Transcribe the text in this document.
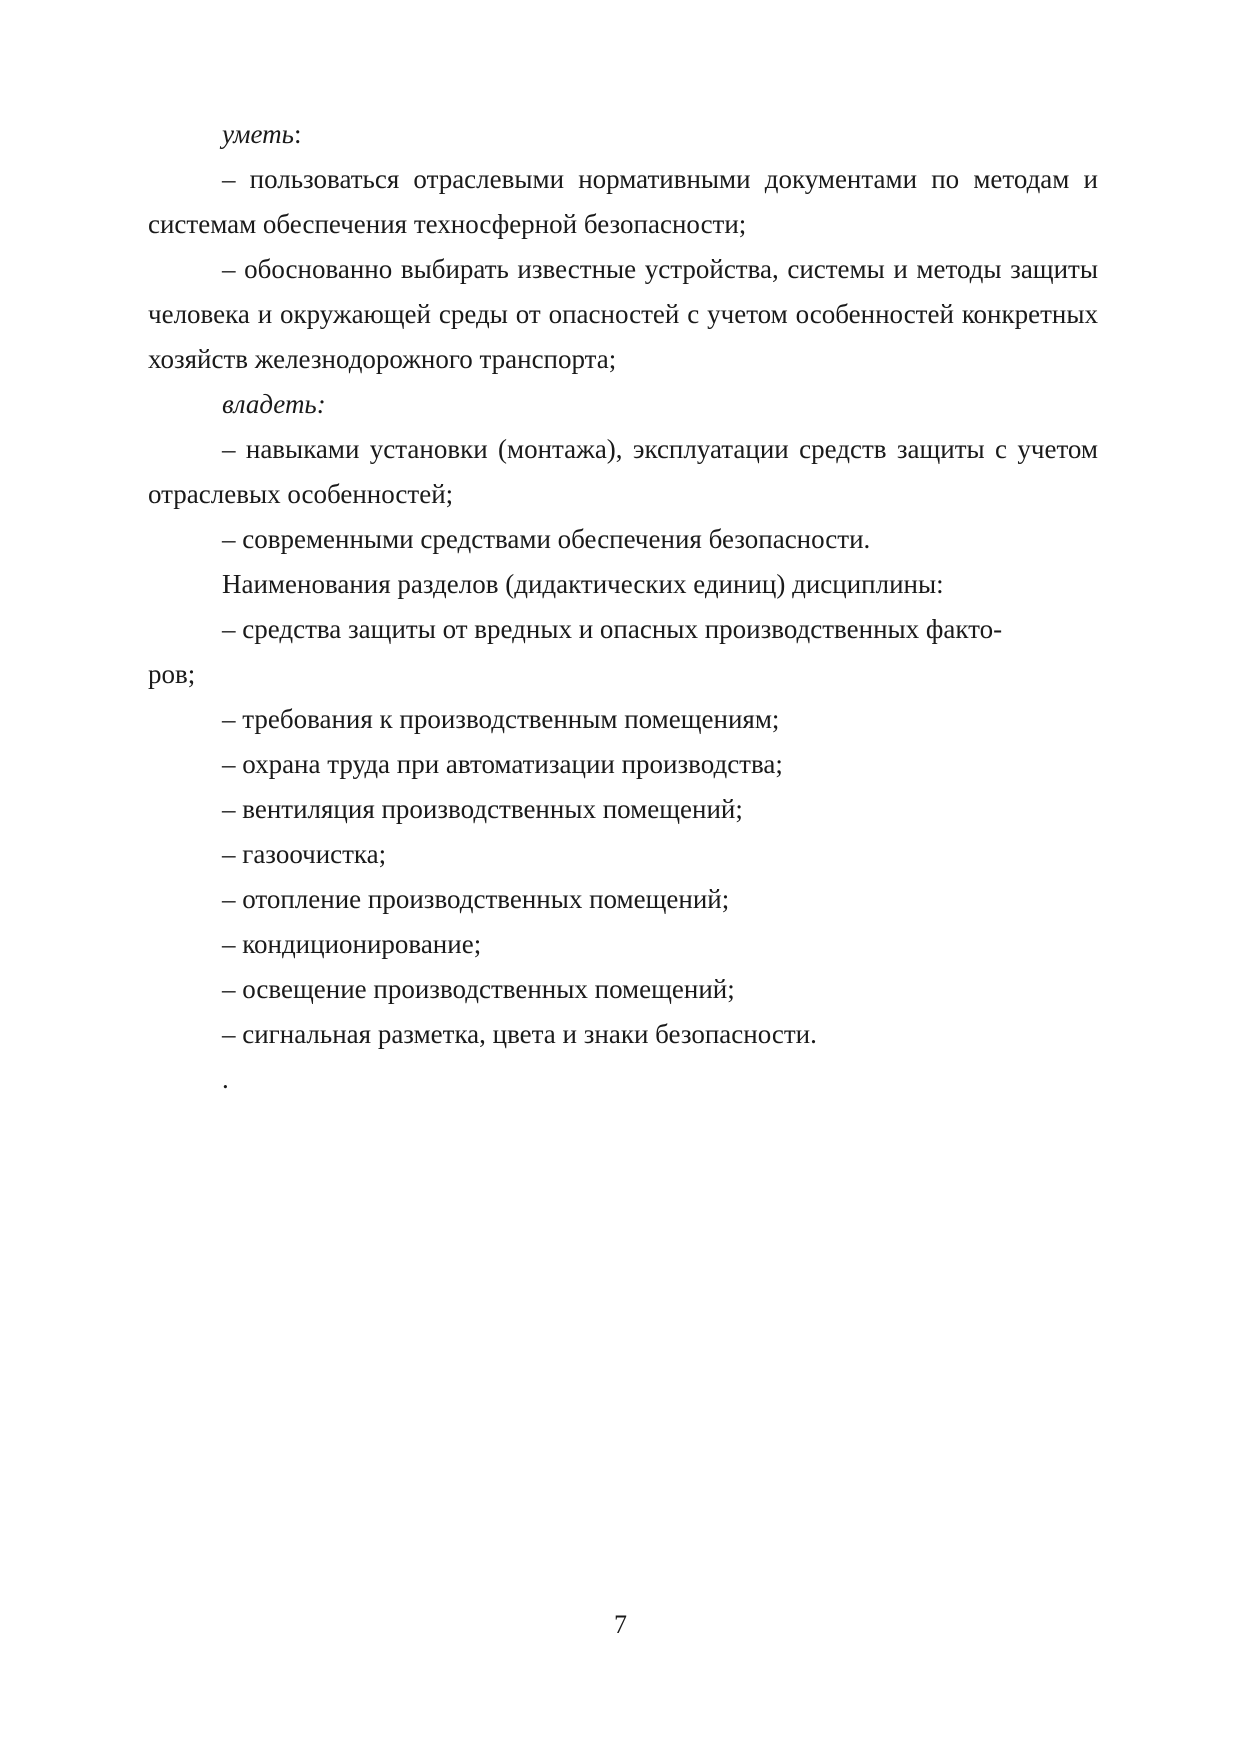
уметь:

– пользоваться отраслевыми нормативными документами по методам и системам обеспечения техносферной безопасности;

– обоснованно выбирать известные устройства, системы и методы защиты человека и окружающей среды от опасностей с учетом особенностей конкретных хозяйств железнодорожного транспорта;

владеть:

– навыками установки (монтажа), эксплуатации средств защиты с учетом отраслевых особенностей;

– современными средствами обеспечения безопасности.

Наименования разделов (дидактических единиц) дисциплины:

– средства защиты от вредных и опасных производственных факто-
ров;

– требования к производственным помещениям;

– охрана труда при автоматизации производства;

– вентиляция производственных помещений;

– газоочистка;

– отопление производственных помещений;

– кондиционирование;

– освещение производственных помещений;

– сигнальная разметка, цвета и знаки безопасности.

.

7
